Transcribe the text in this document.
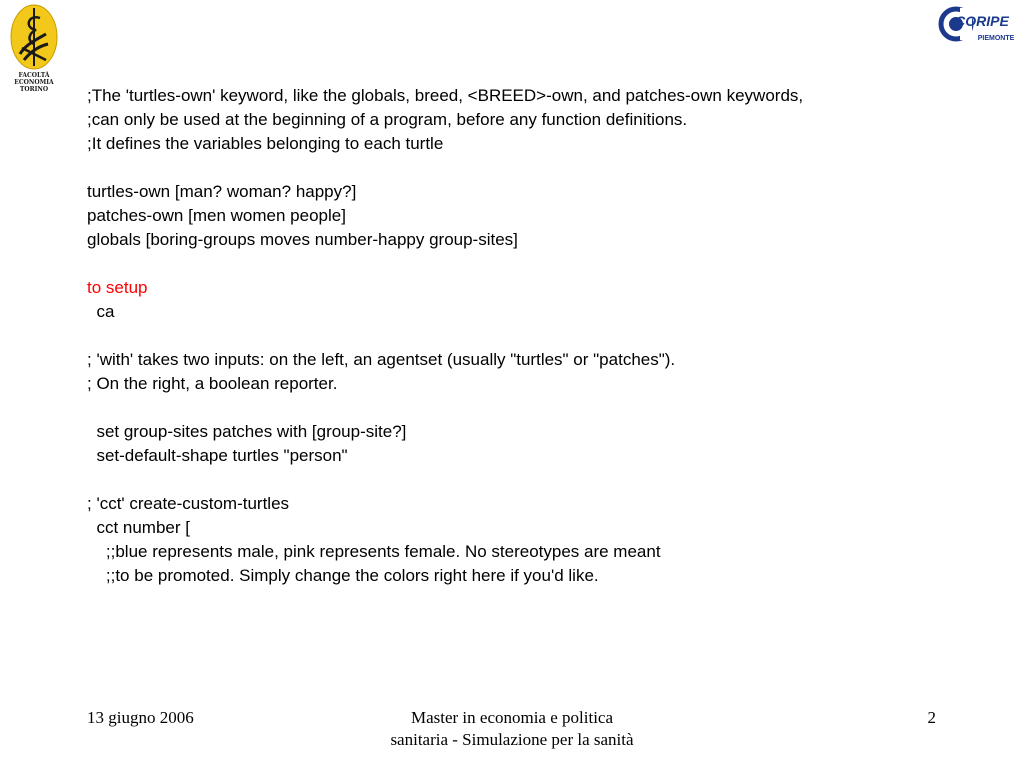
FACOLTÀ
ECONOMIA
TORINO
CORIPE
PIEMONTE
;The 'turtles-own' keyword, like the globals, breed, <BREED>-own, and patches-own keywords,
;can only be used at the beginning of a program, before any function definitions.
;It defines the variables belonging to each turtle
turtles-own [man? woman? happy?]
patches-own [men women people]
globals [boring-groups moves number-happy group-sites]
to setup
ca
; 'with' takes two inputs: on the left, an agentset (usually "turtles" or "patches").
; On the right, a boolean reporter.
set group-sites patches with [group-site?]
set-default-shape turtles "person"
; 'cct' create-custom-turtles
cct number [
;;blue represents male, pink represents female. No stereotypes are meant
;;to be promoted. Simply change the colors right here if you'd like.
13 giugno 2006	Master in economia e politica
sanitaria - Simulazione per la sanità
2
